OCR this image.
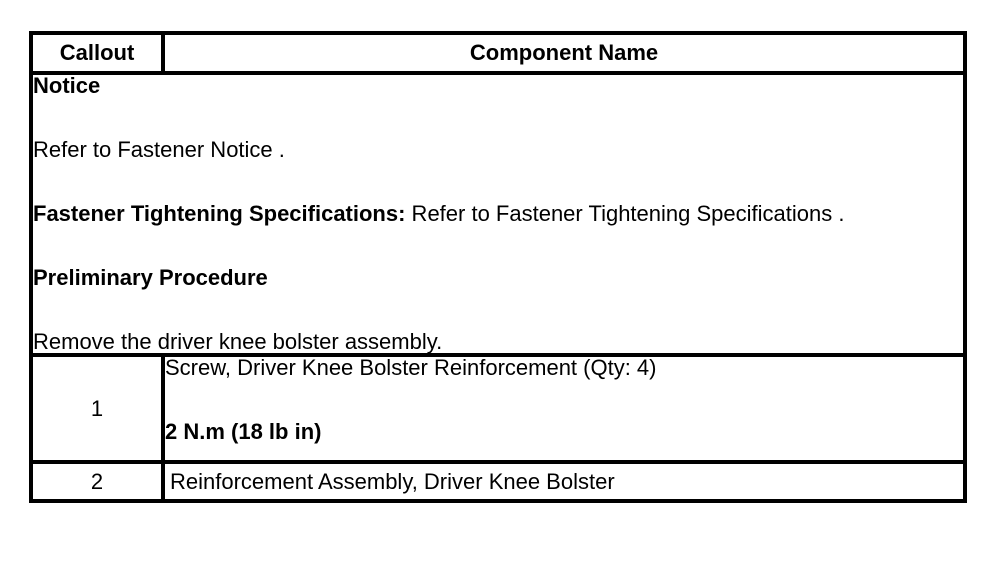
Callout	Component Name

Notice

Refer to Fastener Notice .

Fastener Tightening Specifications: Refer to Fastener Tightening Specifications .

Preliminary Procedure

Remove the driver knee bolster assembly.	

1	Screw, Driver Knee Bolster Reinforcement (Qty: 4)

2 N.m (18 lb in)

2	Reinforcement Assembly, Driver Knee Bolster
